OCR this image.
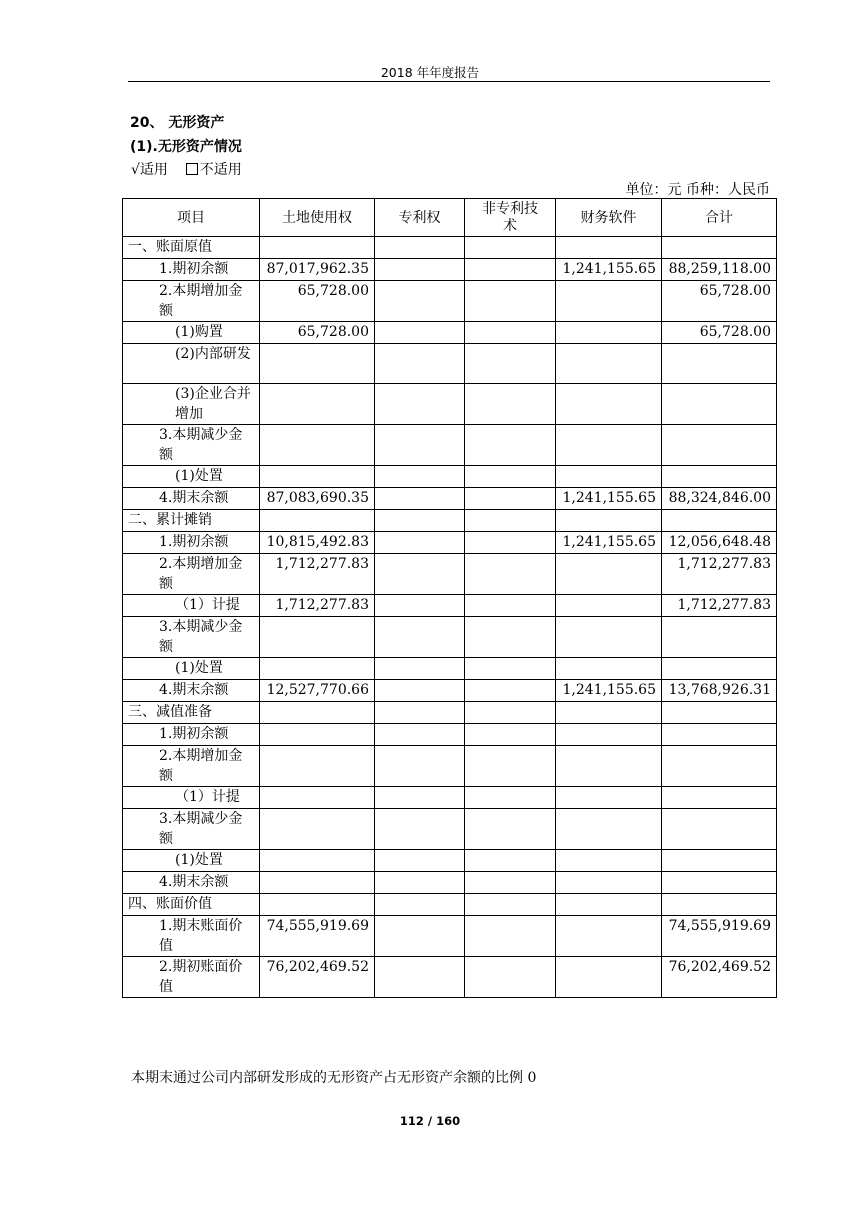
2018 年年度报告
20、 无形资产
(1).无形资产情况
√适用 不适用
单位：元 币种：人民币
项目	土地使用权	专利权	非专利技术	财务软件	合计
一、账面原值					
1.期初余额	87,017,962.35			1,241,155.65	88,259,118.00
2.本期增加金额	65,728.00				65,728.00
(1)购置	65,728.00				65,728.00
(2)内部研发					
(3)企业合并增加					
3.本期减少金额					
(1)处置					
4.期末余额	87,083,690.35			1,241,155.65	88,324,846.00
二、累计摊销					
1.期初余额	10,815,492.83			1,241,155.65	12,056,648.48
2.本期增加金额	1,712,277.83				1,712,277.83
（1）计提	1,712,277.83				1,712,277.83
3.本期减少金额					
(1)处置					
4.期末余额	12,527,770.66			1,241,155.65	13,768,926.31
三、减值准备					
1.期初余额					
2.本期增加金额					
（1）计提					
3.本期减少金额					
(1)处置					
4.期末余额					
四、账面价值					
1.期末账面价值	74,555,919.69				74,555,919.69
2.期初账面价值	76,202,469.52				76,202,469.52
本期末通过公司内部研发形成的无形资产占无形资产余额的比例 0
112 / 160
